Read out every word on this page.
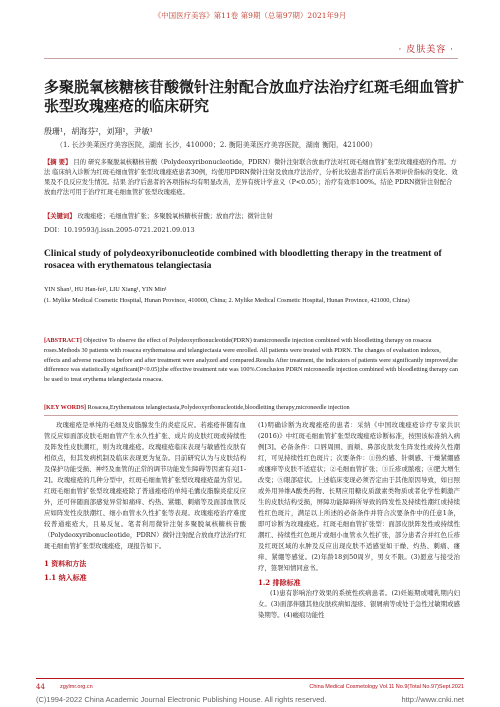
《中国医疗美容》第11卷 第9期（总第97期）2021年9月
· 皮肤美容 ·
多聚脱氧核糖核苷酸微针注射配合放血疗法治疗红斑毛细血管扩张型玫瑰痤疮的临床研究
殷珊¹，胡海芬²，刘翔¹，尹敏¹
（1. 长沙美莱医疗美容医院，湖南 长沙，410000；2. 衡阳美莱医疗美容医院，湖南 衡阳，421000）
【摘 要】 目的 研究多聚脱氧核糖核苷酸（Polydeoxyribonucleotide，PDRN）微针注射联合放血疗法对红斑毛细血管扩张型玫瑰痤疮的作用。方法 临床纳入诊断为红斑毛细血管扩张型玫瑰痤疮患者30例，均使用PDRN微针注射及放血疗法治疗，分析比较患者治疗前后各项评价指标的变化、效果及不良反应发生情况。结果 治疗后患者的各项指标均有明显改善，差异有统计学意义（P<0.05）；治疗有效率100%。结论 PDRN微针注射配合放血疗法可用于治疗红斑毛细血管扩张型玫瑰痤疮。
【关键词】 玫瑰痤疮；毛细血管扩张；多聚脱氧核糖核苷酸；放血疗法；微针注射
DOI：10.19593/j.issn.2095-0721.2021.09.013
Clinical study of polydeoxyribonucleotide combined with bloodletting therapy in the treatment of rosacea with erythematous telangiectasia
YIN Shan¹, HU Han-fei², LIU Xiang¹, YIN Min¹
(1. Mylike Medical Cosmetic Hospital, Hunan Province, 410000, China; 2. Mylike Medical Cosmetic Hospital, Hunan Province, 421000, China)
[ABSTRACT] Objective To observe the effect of Polydeoxyribonucleotide(PDRN) tramicroneedle injection combined with bloodletting therapy on rosacea roses.Methods 30 patients with rosacea erythematosa and telangiectasia were enrolled. All patients were treated with PDRN. The changes of evaluation indexes, effects and adverse reactions before and after treatment were analyzed and compared.Results After treatment, the indicators of patients were significantly improved,the difference was statistically significant(P<0.05);the effective treatment rate was 100%.Conclusion PDRN microneedle injection combined with bloodletting therapy can be used to treat erythema telangiectasia rosacea.
[KEY WORDS] Rosacea,Erythematous telangiectasia,Polydeoxyribonucleotide,bloodletting therapy,microneedle injection
玫瑰痤疮是单纯的毛细及皮脂腺发生的炎症反应。若痤疮伴随有血管反应如面部皮肤毛细血管产生永久性扩张、成片的皮肤红斑或持续性及阵发性皮肤潮红，则为玫瑰痤疮。玫瑰痤疮临床表现与敏感性皮肤有相似点，但其发病机制及临床表现更为复杂。目前研究认为与皮肤结构及保护功能受损、神经及血管的正常的调节功能发生障碍等因素有关[1-2]。玫瑰痤疮的几种分型中，红斑毛细血管扩张型玫瑰痤疮最为常见。红斑毛细血管扩张型玫瑰痤疮除了普通痤疮的单纯毛囊皮脂腺炎症反应外，还可伴随面部感觉异常如痛痒、灼热、紧绷、刺痛等及面部血管反应如阵发性皮肤潮红、细小血管永久性扩张等表现。玫瑰痤疮治疗难度较普通痤疮大，且易反复。笔者利用微针注射多聚脱氧核糖核苷酸（Polydeoxyribonucleotide，PDRN）微针注射配合放血疗法治疗红斑毛细血管扩张型玫瑰痤疮，现报告如下。
1 资料和方法
1.1 纳入标准
(1)明确诊断为玫瑰痤疮的患者：采纳《中国玫瑰痤疮诊疗专家共识(2016)》中红斑毛细血管扩张型玫瑰痤疮诊断标准，按照该标准纳入病例[3]。必备条件：口唇周围、面颊、鼻部皮肤发生阵发性或持久性潮红，可见持续性红色斑片；次要条件：①热灼感、针刺感、干燥紧绷感或瘙痒等皮肤不适症状；②毛细血管扩张；③丘疹或脓疱；④肥大增生改变；⑤眼部症状。上述临床变现必须否定由于其他原因导致，如日照或外用异维A酸类药物、长期应用糖皮质激素类物质或者化学性刺激产生的皮肤结构受损，屏障功能障碍所导致的阵发性及持续性潮红或持续性红色斑片，满足以上所述的必备条件并符合次要条件中的任意1条，即可诊断为玫瑰痤疮。红斑毛细血管扩张型：面部皮肤阵发性或持续性潮红、持续性红色斑片或细小血管永久性扩张，部分患者合并红色丘疹及红斑区域的水肿及反应出现皮肤不适感觉如干燥、灼热、刺痛、瘙痒、紧绷等感觉。(2)年龄18到50周岁，男女不限。(3)愿意与接受治疗，签署知情同意书。
1.2 排除标准
(1)患有影响治疗效果的系统性疾病患者。(2)妊娠期或哺乳期内妇女。(3)面部伴随其他皮肤疾病如湿疹、银屑病等或处于急性过敏期或感染期等。(4)瘢痕功能性
44	zgylmr.org.cn	China Medical Cosmetology Vol.11 No.9(Total No.97)Sept.2021
(C)1994-2022 China Academic Journal Electronic Publishing House. All rights reserved.	http://www.cnki.net
